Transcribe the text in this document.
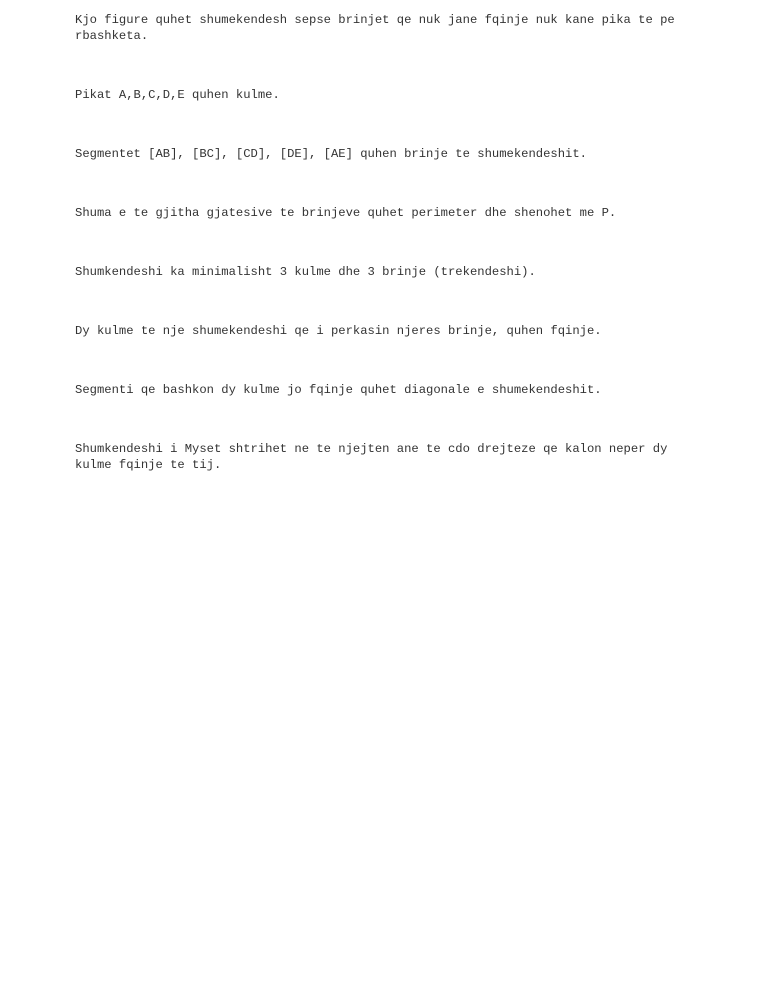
Kjo figure quhet shumekendesh sepse brinjet qe nuk jane fqinje nuk kane pika te perbashketa.

Pikat A,B,C,D,E quhen kulme.

Segmentet [AB], [BC], [CD], [DE], [AE] quhen brinje te shumekendeshit.

Shuma e te gjitha gjatesive te brinjeve quhet perimeter dhe shenohet me P.

Shumkendeshi ka minimalisht 3 kulme dhe 3 brinje (trekendeshi).

Dy kulme te nje shumekendeshi qe i perkasin njeres brinje, quhen fqinje.

Segmenti qe bashkon dy kulme jo fqinje quhet diagonale e shumekendeshit.

Shumkendeshi i Myset shtrihet ne te njejten ane te cdo drejteze qe kalon neper dy kulme fqinje te tij.
